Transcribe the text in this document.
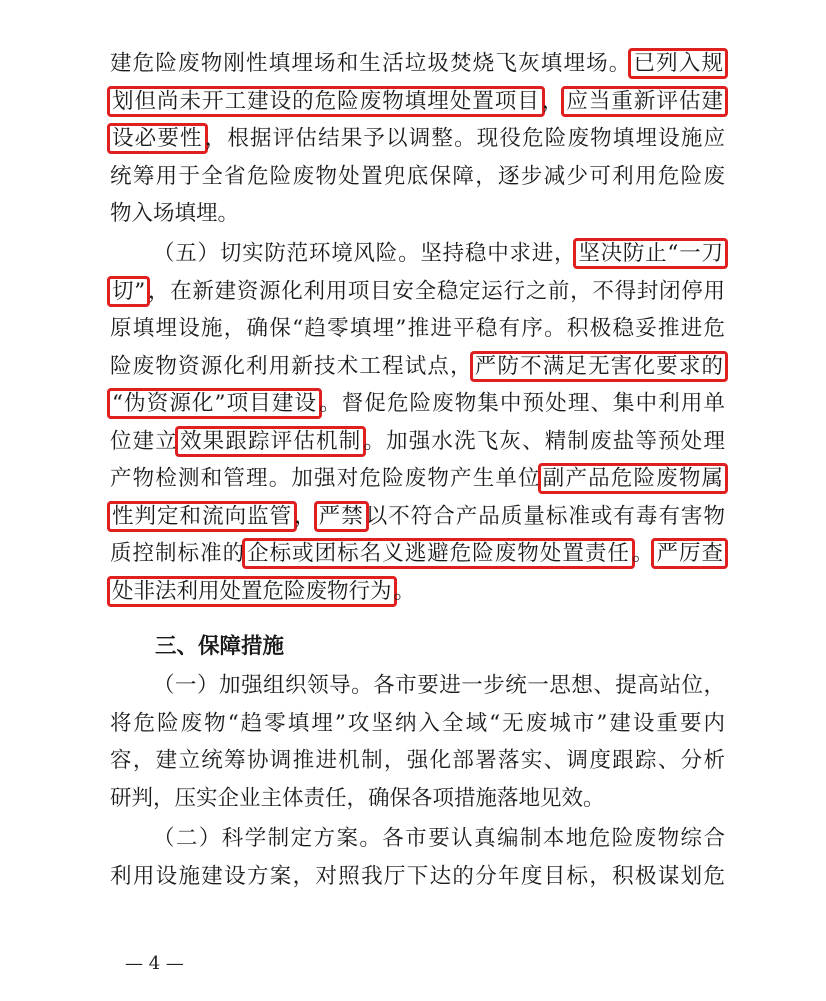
建危险废物刚性填埋场和生活垃圾焚烧飞灰填埋场。已列入规
划但尚未开工建设的危险废物填埋处置项目，应当重新评估建
设必要性，根据评估结果予以调整。现役危险废物填埋设施应
统筹用于全省危险废物处置兜底保障，逐步减少可利用危险废
物入场填埋。
（五）切实防范环境风险。坚持稳中求进，坚决防止“一刀
切”，在新建资源化利用项目安全稳定运行之前，不得封闭停用
原填埋设施，确保“趋零填埋”推进平稳有序。积极稳妥推进危
险废物资源化利用新技术工程试点，严防不满足无害化要求的
“伪资源化”项目建设。督促危险废物集中预处理、集中利用单
位建立效果跟踪评估机制。加强水洗飞灰、精制废盐等预处理
产物检测和管理。加强对危险废物产生单位副产品危险废物属
性判定和流向监管，严禁以不符合产品质量标准或有毒有害物
质控制标准的企标或团标名义逃避危险废物处置责任。严厉查
处非法利用处置危险废物行为。
三、保障措施
（一）加强组织领导。各市要进一步统一思想、提高站位，
将危险废物“趋零填埋”攻坚纳入全域“无废城市”建设重要内
容，建立统筹协调推进机制，强化部署落实、调度跟踪、分析
研判，压实企业主体责任，确保各项措施落地见效。
（二）科学制定方案。各市要认真编制本地危险废物综合
利用设施建设方案，对照我厅下达的分年度目标，积极谋划危
— 4 —
